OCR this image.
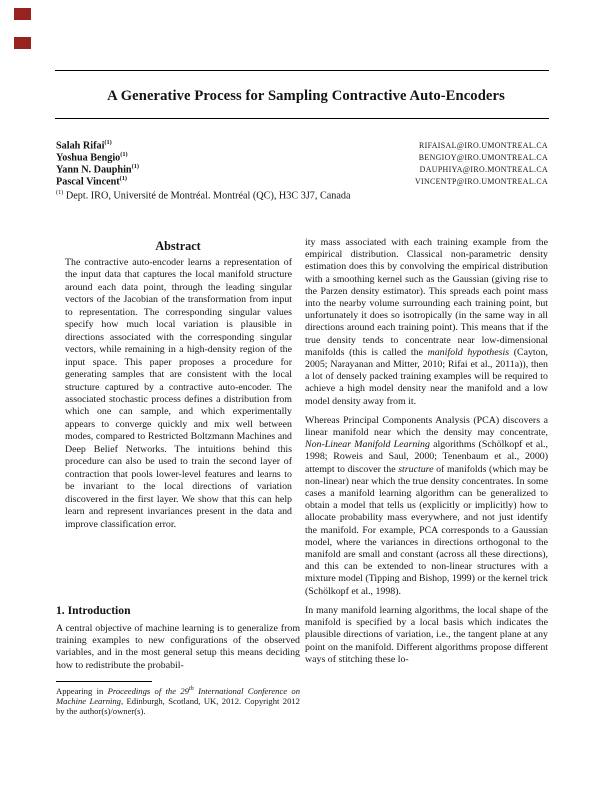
A Generative Process for Sampling Contractive Auto-Encoders
Salah Rifai$^{(1)}$	RIFAISAL@IRO.UMONTREAL.CA
Yoshua Bengio$^{(1)}$	BENGIOY@IRO.UMONTREAL.CA
Yann N. Dauphin$^{(1)}$	DAUPHIYA@IRO.MONTREAL.CA
Pascal Vincent$^{(1)}$	VINCENTP@IRO.UMONTREAL.CA
$^{(1)}$ Dept. IRO, Université de Montréal. Montréal (QC), H3C 3J7, Canada
Abstract
The contractive auto-encoder learns a representation of the input data that captures the local manifold structure around each data point, through the leading singular vectors of the Jacobian of the transformation from input to representation. The corresponding singular values specify how much local variation is plausible in directions associated with the corresponding singular vectors, while remaining in a high-density region of the input space. This paper proposes a procedure for generating samples that are consistent with the local structure captured by a contractive auto-encoder. The associated stochastic process defines a distribution from which one can sample, and which experimentally appears to converge quickly and mix well between modes, compared to Restricted Boltzmann Machines and Deep Belief Networks. The intuitions behind this procedure can also be used to train the second layer of contraction that pools lower-level features and learns to be invariant to the local directions of variation discovered in the first layer. We show that this can help learn and represent invariances present in the data and improve classification error.
1. Introduction
A central objective of machine learning is to generalize from training examples to new configurations of the observed variables, and in the most general setup this means deciding how to redistribute the probabil-
Appearing in Proceedings of the 29th International Conference on Machine Learning, Edinburgh, Scotland, UK, 2012. Copyright 2012 by the author(s)/owner(s).
ity mass associated with each training example from the empirical distribution. Classical non-parametric density estimation does this by convolving the empirical distribution with a smoothing kernel such as the Gaussian (giving rise to the Parzen density estimator). This spreads each point mass into the nearby volume surrounding each training point, but unfortunately it does so isotropically (in the same way in all directions around each training point). This means that if the true density tends to concentrate near low-dimensional manifolds (this is called the manifold hypothesis (Cayton, 2005; Narayanan and Mitter, 2010; Rifai et al., 2011a)), then a lot of densely packed training examples will be required to achieve a high model density near the manifold and a low model density away from it.
Whereas Principal Components Analysis (PCA) discovers a linear manifold near which the density may concentrate, Non-Linear Manifold Learning algorithms (Schölkopf et al., 1998; Roweis and Saul, 2000; Tenenbaum et al., 2000) attempt to discover the structure of manifolds (which may be non-linear) near which the true density concentrates. In some cases a manifold learning algorithm can be generalized to obtain a model that tells us (explicitly or implicitly) how to allocate probability mass everywhere, and not just identify the manifold. For example, PCA corresponds to a Gaussian model, where the variances in directions orthogonal to the manifold are small and constant (across all these directions), and this can be extended to non-linear structures with a mixture model (Tipping and Bishop, 1999) or the kernel trick (Schölkopf et al., 1998).
In many manifold learning algorithms, the local shape of the manifold is specified by a local basis which indicates the plausible directions of variation, i.e., the tangent plane at any point on the manifold. Different algorithms propose different ways of stitching these lo-
